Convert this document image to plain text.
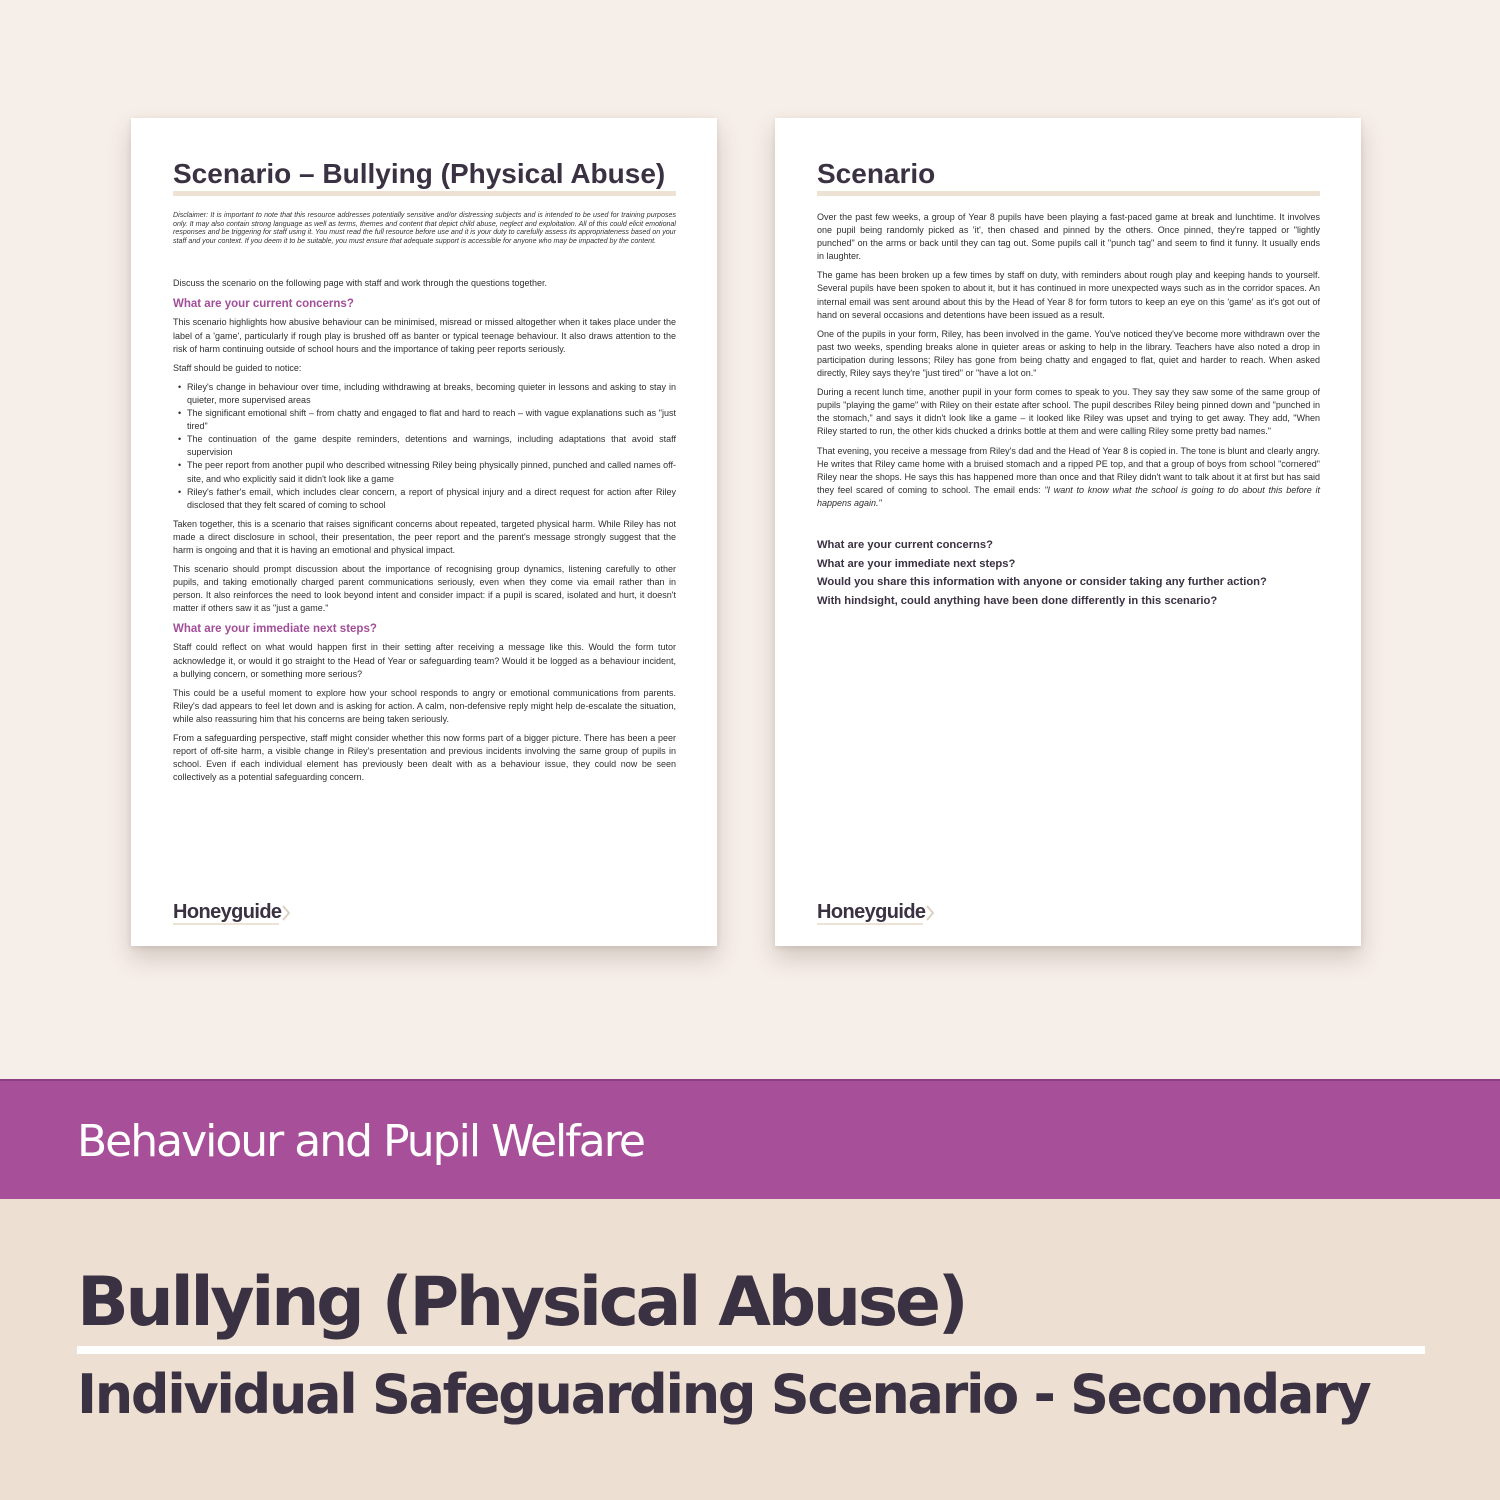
Scenario – Bullying (Physical Abuse)

Disclaimer: It is important to note that this resource addresses potentially sensitive and/or distressing subjects and is intended to be used for training purposes only. It may also contain strong language as well as terms, themes and content that depict child abuse, neglect and exploitation. All of this could elicit emotional responses and be triggering for staff using it. You must read the full resource before use and it is your duty to carefully assess its appropriateness based on your staff and your context. If you deem it to be suitable, you must ensure that adequate support is accessible for anyone who may be impacted by the content.

Discuss the scenario on the following page with staff and work through the questions together.

What are your current concerns?

This scenario highlights how abusive behaviour can be minimised, misread or missed altogether when it takes place under the label of a 'game', particularly if rough play is brushed off as banter or typical teenage behaviour. It also draws attention to the risk of harm continuing outside of school hours and the importance of taking peer reports seriously.

Staff should be guided to notice:

• Riley's change in behaviour over time, including withdrawing at breaks, becoming quieter in lessons and asking to stay in quieter, more supervised areas
• The significant emotional shift – from chatty and engaged to flat and hard to reach – with vague explanations such as "just tired"
• The continuation of the game despite reminders, detentions and warnings, including adaptations that avoid staff supervision
• The peer report from another pupil who described witnessing Riley being physically pinned, punched and called names off-site, and who explicitly said it didn't look like a game
• Riley's father's email, which includes clear concern, a report of physical injury and a direct request for action after Riley disclosed that they felt scared of coming to school

Taken together, this is a scenario that raises significant concerns about repeated, targeted physical harm. While Riley has not made a direct disclosure in school, their presentation, the peer report and the parent's message strongly suggest that the harm is ongoing and that it is having an emotional and physical impact.

This scenario should prompt discussion about the importance of recognising group dynamics, listening carefully to other pupils, and taking emotionally charged parent communications seriously, even when they come via email rather than in person. It also reinforces the need to look beyond intent and consider impact: if a pupil is scared, isolated and hurt, it doesn't matter if others saw it as "just a game."

What are your immediate next steps?

Staff could reflect on what would happen first in their setting after receiving a message like this. Would the form tutor acknowledge it, or would it go straight to the Head of Year or safeguarding team? Would it be logged as a behaviour incident, a bullying concern, or something more serious?

This could be a useful moment to explore how your school responds to angry or emotional communications from parents. Riley's dad appears to feel let down and is asking for action. A calm, non-defensive reply might help de-escalate the situation, while also reassuring him that his concerns are being taken seriously.

From a safeguarding perspective, staff might consider whether this now forms part of a bigger picture. There has been a peer report of off-site harm, a visible change in Riley's presentation and previous incidents involving the same group of pupils in school. Even if each individual element has previously been dealt with as a behaviour issue, they could now be seen collectively as a potential safeguarding concern.

Honeyguide
Scenario

Over the past few weeks, a group of Year 8 pupils have been playing a fast-paced game at break and lunchtime. It involves one pupil being randomly picked as 'it', then chased and pinned by the others. Once pinned, they're tapped or "lightly punched" on the arms or back until they can tag out. Some pupils call it "punch tag" and seem to find it funny. It usually ends in laughter.

The game has been broken up a few times by staff on duty, with reminders about rough play and keeping hands to yourself. Several pupils have been spoken to about it, but it has continued in more unexpected ways such as in the corridor spaces. An internal email was sent around about this by the Head of Year 8 for form tutors to keep an eye on this 'game' as it's got out of hand on several occasions and detentions have been issued as a result.

One of the pupils in your form, Riley, has been involved in the game. You've noticed they've become more withdrawn over the past two weeks, spending breaks alone in quieter areas or asking to help in the library. Teachers have also noted a drop in participation during lessons; Riley has gone from being chatty and engaged to flat, quiet and harder to reach. When asked directly, Riley says they're "just tired" or "have a lot on."

During a recent lunch time, another pupil in your form comes to speak to you. They say they saw some of the same group of pupils "playing the game" with Riley on their estate after school. The pupil describes Riley being pinned down and "punched in the stomach," and says it didn't look like a game – it looked like Riley was upset and trying to get away. They add, "When Riley started to run, the other kids chucked a drinks bottle at them and were calling Riley some pretty bad names."

That evening, you receive a message from Riley's dad and the Head of Year 8 is copied in. The tone is blunt and clearly angry. He writes that Riley came home with a bruised stomach and a ripped PE top, and that a group of boys from school "cornered" Riley near the shops. He says this has happened more than once and that Riley didn't want to talk about it at first but has said they feel scared of coming to school. The email ends: "I want to know what the school is going to do about this before it happens again."

What are your current concerns?
What are your immediate next steps?
Would you share this information with anyone or consider taking any further action?
With hindsight, could anything have been done differently in this scenario?
Honeyguide
Behaviour and Pupil Welfare
Bullying (Physical Abuse)
Individual Safeguarding Scenario - Secondary
